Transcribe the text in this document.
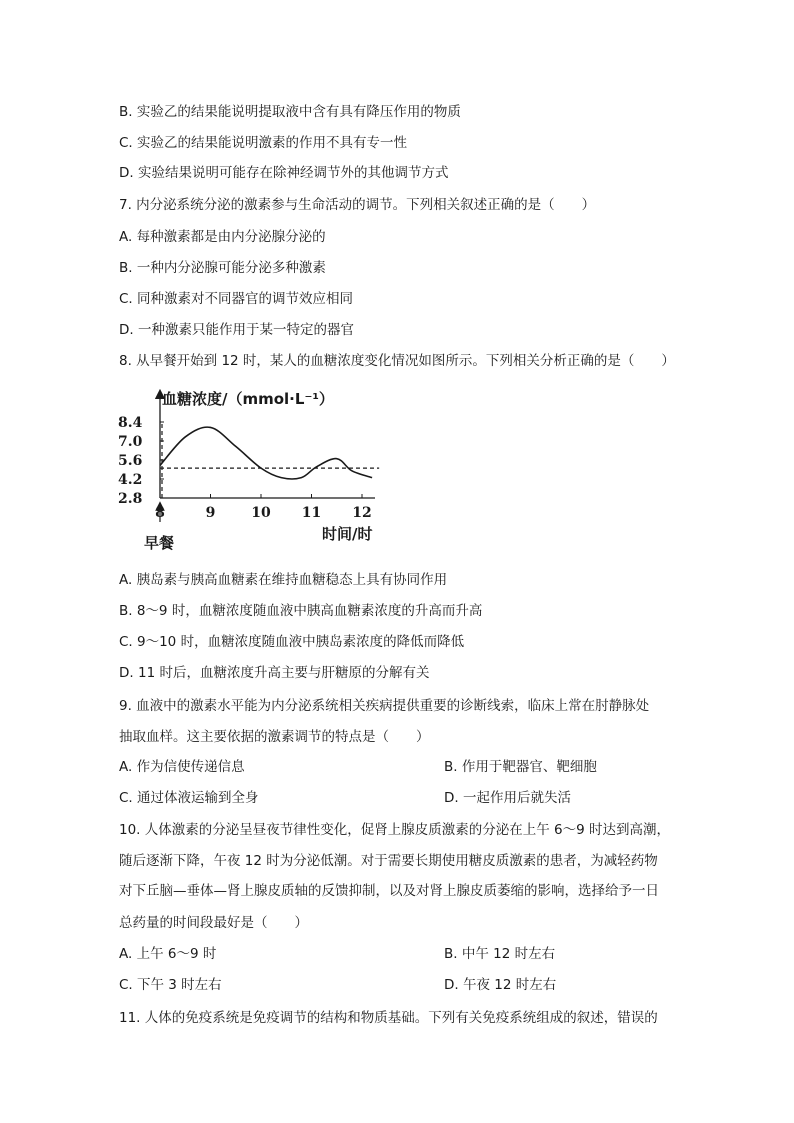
B. 实验乙的结果能说明提取液中含有具有降压作用的物质
C. 实验乙的结果能说明激素的作用不具有专一性
D. 实验结果说明可能存在除神经调节外的其他调节方式
7. 内分泌系统分泌的激素参与生命活动的调节。下列相关叙述正确的是（　　）
A. 每种激素都是由内分泌腺分泌的
B. 一种内分泌腺可能分泌多种激素
C. 同种激素对不同器官的调节效应相同
D. 一种激素只能作用于某一特定的器官
8. 从早餐开始到 12 时，某人的血糖浓度变化情况如图所示。下列相关分析正确的是（　　）
血糖浓度/（mmol·L⁻¹）
8.4
7.0
5.6
4.2
2.8
8	9	10 11 12
时间/时
早餐
A. 胰岛素与胰高血糖素在维持血糖稳态上具有协同作用
B. 8～9 时，血糖浓度随血液中胰高血糖素浓度的升高而升高
C. 9～10 时，血糖浓度随血液中胰岛素浓度的降低而降低
D. 11 时后，血糖浓度升高主要与肝糖原的分解有关
9. 血液中的激素水平能为内分泌系统相关疾病提供重要的诊断线索，临床上常在肘静脉处
抽取血样。这主要依据的激素调节的特点是（　　）
A. 作为信使传递信息	B. 作用于靶器官、靶细胞
C. 通过体液运输到全身	D. 一起作用后就失活
10. 人体激素的分泌呈昼夜节律性变化，促肾上腺皮质激素的分泌在上午 6～9 时达到高潮，
随后逐渐下降，午夜 12 时为分泌低潮。对于需要长期使用糖皮质激素的患者，为减轻药物
对下丘脑—垂体—肾上腺皮质轴的反馈抑制，以及对肾上腺皮质萎缩的影响，选择给予一日
总药量的时间段最好是（　　）
A. 上午 6～9 时	B. 中午 12 时左右
C. 下午 3 时左右	D. 午夜 12 时左右
11. 人体的免疫系统是免疫调节的结构和物质基础。下列有关免疫系统组成的叙述，错误的
